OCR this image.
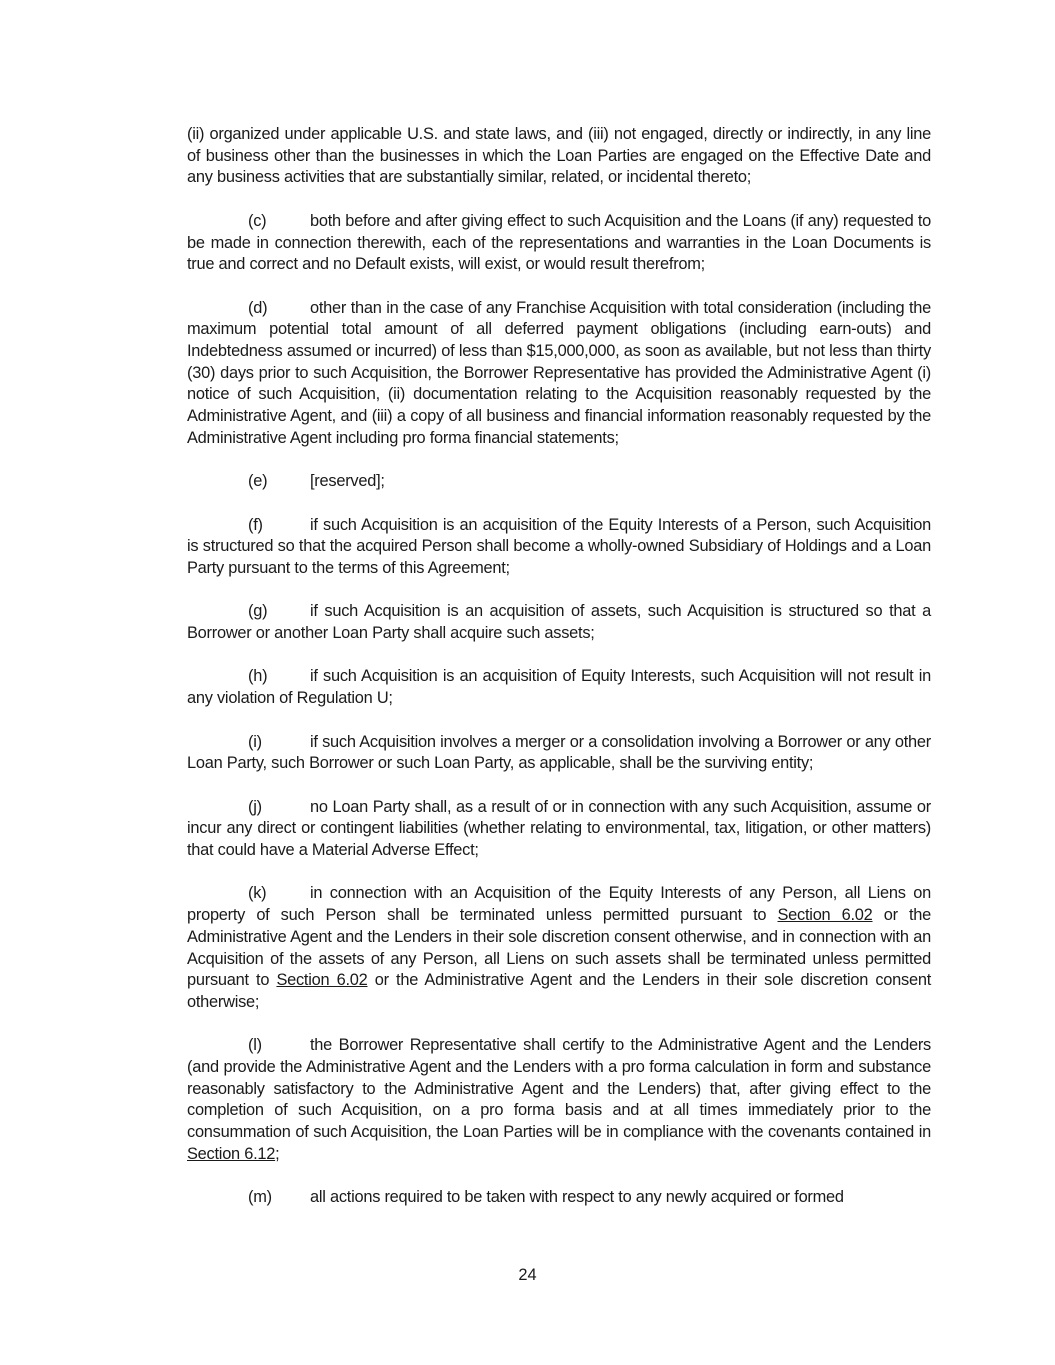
(ii) organized under applicable U.S. and state laws, and (iii) not engaged, directly or indirectly, in any line of business other than the businesses in which the Loan Parties are engaged on the Effective Date and any business activities that are substantially similar, related, or incidental thereto;

(c)	both before and after giving effect to such Acquisition and the Loans (if any) requested to be made in connection therewith, each of the representations and warranties in the Loan Documents is true and correct and no Default exists, will exist, or would result therefrom;

(d)	other than in the case of any Franchise Acquisition with total consideration (including the maximum potential total amount of all deferred payment obligations (including earn-outs) and Indebtedness assumed or incurred) of less than $15,000,000, as soon as available, but not less than thirty (30) days prior to such Acquisition, the Borrower Representative has provided the Administrative Agent (i) notice of such Acquisition, (ii) documentation relating to the Acquisition reasonably requested by the Administrative Agent, and (iii) a copy of all business and financial information reasonably requested by the Administrative Agent including pro forma financial statements;

(e)	[reserved];

(f)	if such Acquisition is an acquisition of the Equity Interests of a Person, such Acquisition is structured so that the acquired Person shall become a wholly-owned Subsidiary of Holdings and a Loan Party pursuant to the terms of this Agreement;

(g)	if such Acquisition is an acquisition of assets, such Acquisition is structured so that a Borrower or another Loan Party shall acquire such assets;

(h)	if such Acquisition is an acquisition of Equity Interests, such Acquisition will not result in any violation of Regulation U;

(i)	if such Acquisition involves a merger or a consolidation involving a Borrower or any other Loan Party, such Borrower or such Loan Party, as applicable, shall be the surviving entity;

(j)	no Loan Party shall, as a result of or in connection with any such Acquisition, assume or incur any direct or contingent liabilities (whether relating to environmental, tax, litigation, or other matters) that could have a Material Adverse Effect;

(k)	in connection with an Acquisition of the Equity Interests of any Person, all Liens on property of such Person shall be terminated unless permitted pursuant to Section 6.02 or the Administrative Agent and the Lenders in their sole discretion consent otherwise, and in connection with an Acquisition of the assets of any Person, all Liens on such assets shall be terminated unless permitted pursuant to Section 6.02 or the Administrative Agent and the Lenders in their sole discretion consent otherwise;

(l)	the Borrower Representative shall certify to the Administrative Agent and the Lenders (and provide the Administrative Agent and the Lenders with a pro forma calculation in form and substance reasonably satisfactory to the Administrative Agent and the Lenders) that, after giving effect to the completion of such Acquisition, on a pro forma basis and at all times immediately prior to the consummation of such Acquisition, the Loan Parties will be in compliance with the covenants contained in Section 6.12;

(m) all actions required to be taken with respect to any newly acquired or formed

24
